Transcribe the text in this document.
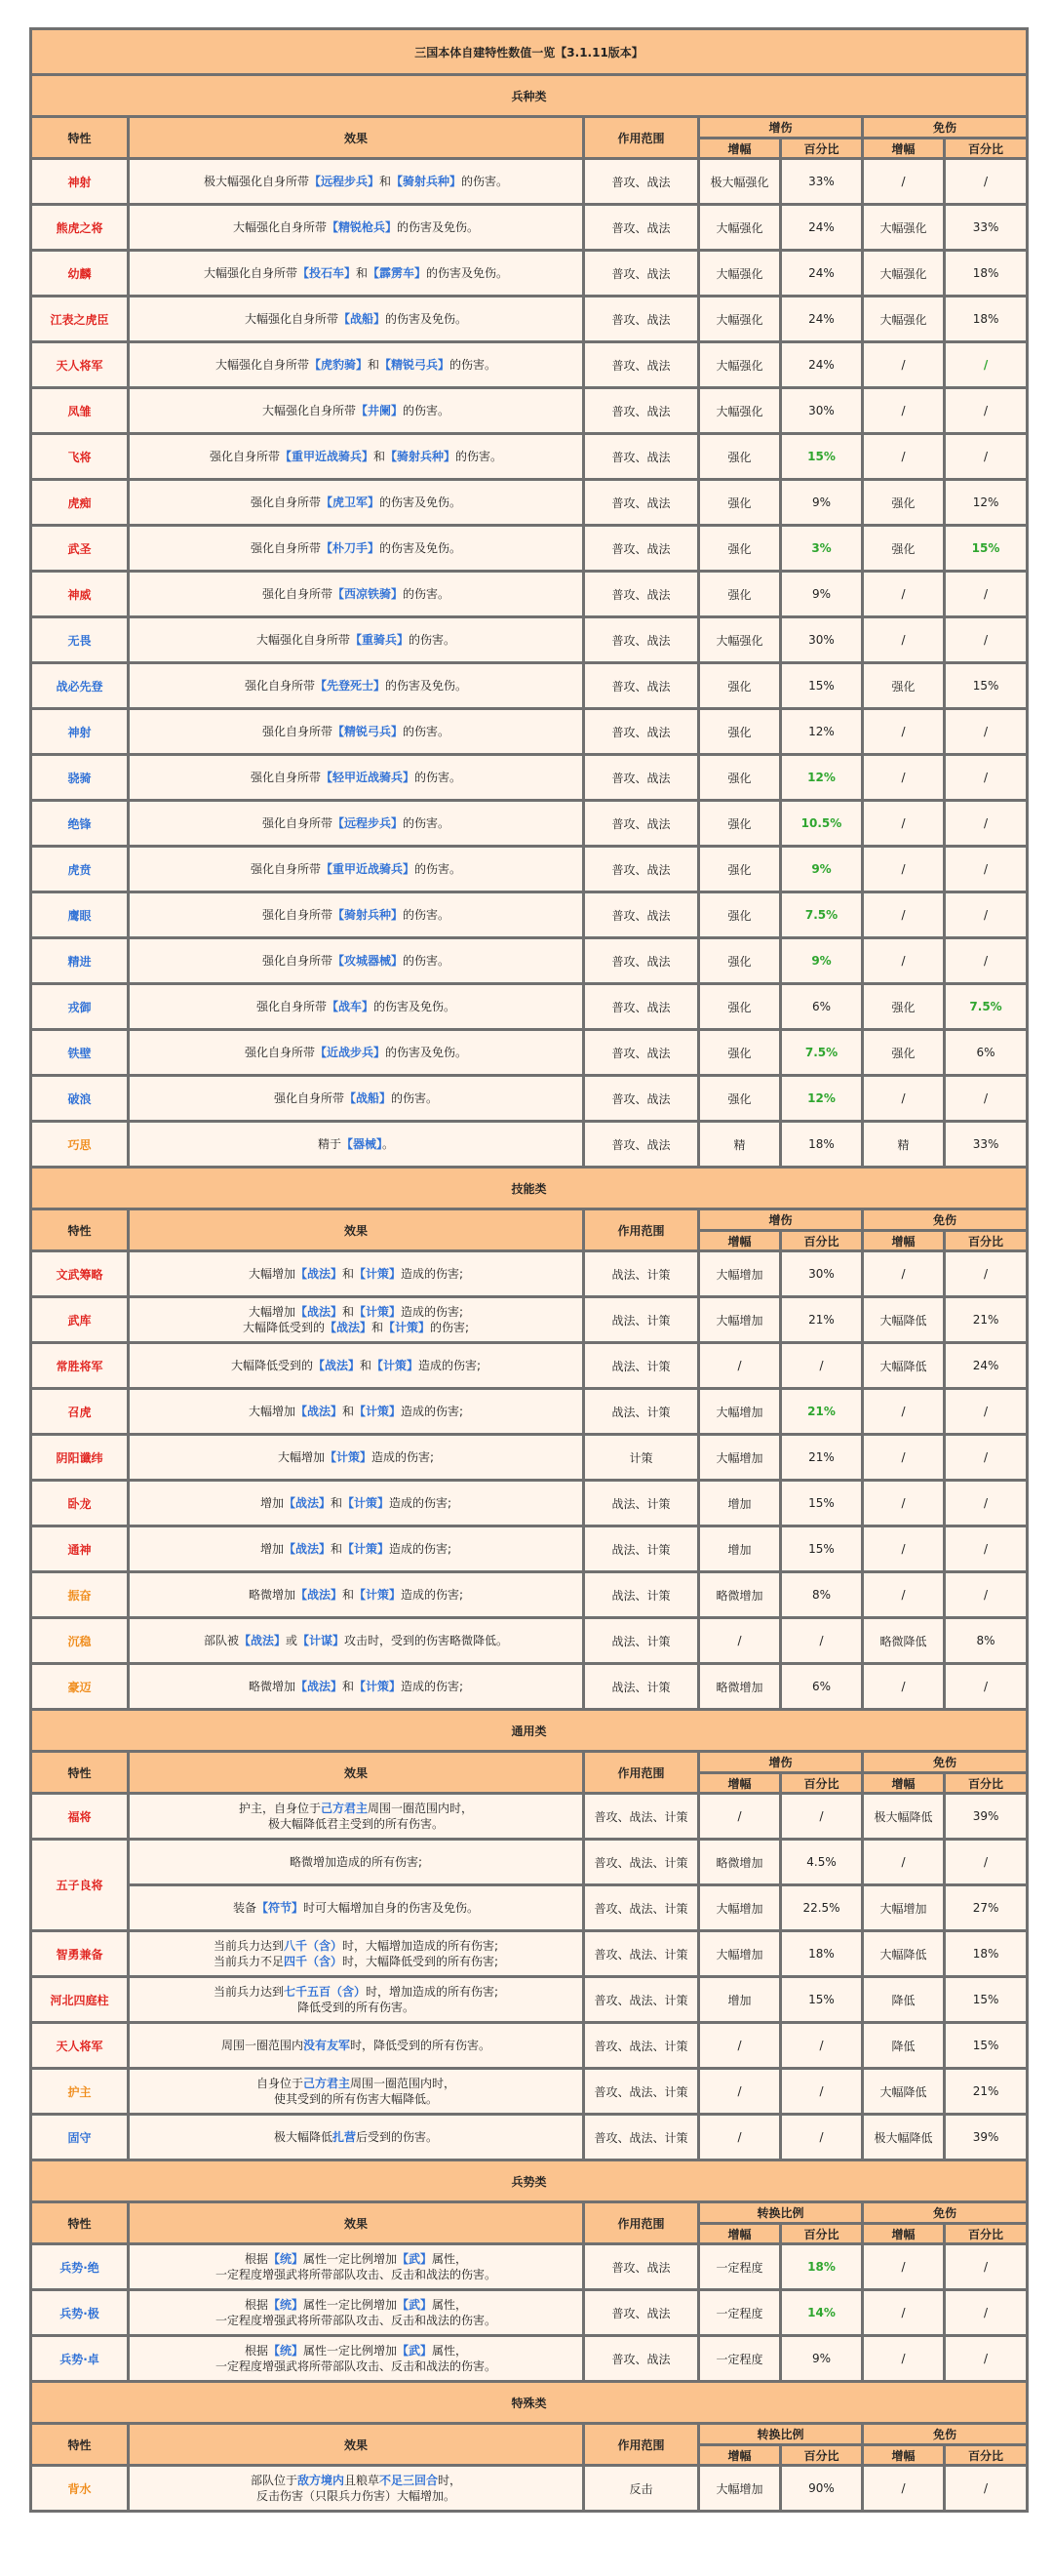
三国本体自建特性数值一览【3.1.11版本】						
兵种类						
特性	效果	作用范围	增伤		免伤	
			增幅	百分比	增幅	百分比
神射	极大幅强化自身所带【远程步兵】和【骑射兵种】的伤害。	普攻、战法	极大幅强化	33%	/	/
熊虎之将	大幅强化自身所带【精锐枪兵】的伤害及免伤。	普攻、战法	大幅强化	24%	大幅强化	33%
幼麟	大幅强化自身所带【投石车】和【霹雳车】的伤害及免伤。	普攻、战法	大幅强化	24%	大幅强化	18%
江表之虎臣	大幅强化自身所带【战船】的伤害及免伤。	普攻、战法	大幅强化	24%	大幅强化	18%
天人将军	大幅强化自身所带【虎豹骑】和【精锐弓兵】的伤害。	普攻、战法	大幅强化	24%	/	/
凤雏	大幅强化自身所带【井阑】的伤害。	普攻、战法	大幅强化	30%	/	/
飞将	强化自身所带【重甲近战骑兵】和【骑射兵种】的伤害。	普攻、战法	强化	15%	/	/
虎痴	强化自身所带【虎卫军】的伤害及免伤。	普攻、战法	强化	9%	强化	12%
武圣	强化自身所带【朴刀手】的伤害及免伤。	普攻、战法	强化	3%	强化	15%
神威	强化自身所带【西凉铁骑】的伤害。	普攻、战法	强化	9%	/	/
无畏	大幅强化自身所带【重骑兵】的伤害。	普攻、战法	大幅强化	30%	/	/
战必先登	强化自身所带【先登死士】的伤害及免伤。	普攻、战法	强化	15%	强化	15%
神射	强化自身所带【精锐弓兵】的伤害。	普攻、战法	强化	12%	/	/
骁骑	强化自身所带【轻甲近战骑兵】的伤害。	普攻、战法	强化	12%	/	/
绝锋	强化自身所带【远程步兵】的伤害。	普攻、战法	强化	10.5%	/	/
虎贲	强化自身所带【重甲近战骑兵】的伤害。	普攻、战法	强化	9%	/	/
鹰眼	强化自身所带【骑射兵种】的伤害。	普攻、战法	强化	7.5%	/	/
精进	强化自身所带【攻城器械】的伤害。	普攻、战法	强化	9%	/	/
戎御	强化自身所带【战车】的伤害及免伤。	普攻、战法	强化	6%	强化	7.5%
铁壁	强化自身所带【近战步兵】的伤害及免伤。	普攻、战法	强化	7.5%	强化	6%
破浪	强化自身所带【战船】的伤害。	普攻、战法	强化	12%	/	/
巧思	精于【器械】。	普攻、战法	精	18%	精	33%
技能类						
特性	效果	作用范围	增伤		免伤	
			增幅	百分比	增幅	百分比
文武筹略	大幅增加【战法】和【计策】造成的伤害;	战法、计策	大幅增加	30%	/	/
武库	大幅增加【战法】和【计策】造成的伤害;
大幅降低受到的【战法】和【计策】的伤害;	战法、计策	大幅增加	21%	大幅降低	21%
常胜将军	大幅降低受到的【战法】和【计策】造成的伤害;	战法、计策	/	/	大幅降低	24%
召虎	大幅增加【战法】和【计策】造成的伤害;	战法、计策	大幅增加	21%	/	/
阴阳谶纬	大幅增加【计策】造成的伤害;	计策	大幅增加	21%	/	/
卧龙	增加【战法】和【计策】造成的伤害;	战法、计策	增加	15%	/	/
通神	增加【战法】和【计策】造成的伤害;	战法、计策	增加	15%	/	/
振奋	略微增加【战法】和【计策】造成的伤害;	战法、计策	略微增加	8%	/	/
沉稳	部队被【战法】或【计谋】攻击时，受到的伤害略微降低。	战法、计策	/	/	略微降低	8%
豪迈	略微增加【战法】和【计策】造成的伤害;	战法、计策	略微增加	6%	/	/
通用类						
特性	效果	作用范围	增伤		免伤	
			增幅	百分比	增幅	百分比
福将	护主，自身位于己方君主周围一圈范围内时，
极大幅降低君主受到的所有伤害。	普攻、战法、计策	/	/	极大幅降低	39%
五子良将	略微增加造成的所有伤害;	普攻、战法、计策	略微增加	4.5%	/	/

	装备【符节】时可大幅增加自身的伤害及免伤。	普攻、战法、计策	大幅增加	22.5%	大幅增加	27%
智勇兼备	当前兵力达到八千（含）时，大幅增加造成的所有伤害;
当前兵力不足四千（含）时，大幅降低受到的所有伤害;	普攻、战法、计策	大幅增加	18%	大幅降低	18%
河北四庭柱	当前兵力达到七千五百（含）时，增加造成的所有伤害;
降低受到的所有伤害。	普攻、战法、计策	增加	15%	降低	15%
天人将军	周围一圈范围内没有友军时，降低受到的所有伤害。	普攻、战法、计策	/	/	降低	15%
护主	自身位于己方君主周围一圈范围内时，
使其受到的所有伤害大幅降低。	普攻、战法、计策	/	/	大幅降低	21%
固守	极大幅降低扎营后受到的伤害。	普攻、战法、计策	/	/	极大幅降低	39%
兵势类						
特性	效果	作用范围	转换比例		免伤	
			增幅	百分比	增幅	百分比
兵势·绝	根据【统】属性一定比例增加【武】属性，
一定程度增强武将所带部队攻击、反击和战法的伤害。	普攻、战法	一定程度	18%	/	/
兵势·极	根据【统】属性一定比例增加【武】属性，
一定程度增强武将所带部队攻击、反击和战法的伤害。	普攻、战法	一定程度	14%	/	/
兵势·卓	根据【统】属性一定比例增加【武】属性，
一定程度增强武将所带部队攻击、反击和战法的伤害。	普攻、战法	一定程度	9%	/	/
特殊类						
特性	效果	作用范围	转换比例		免伤	
			增幅	百分比	增幅	百分比
背水	部队位于敌方境内且粮草不足三回合时，
反击伤害（只限兵力伤害）大幅增加。	反击	大幅增加	90%	/	/
